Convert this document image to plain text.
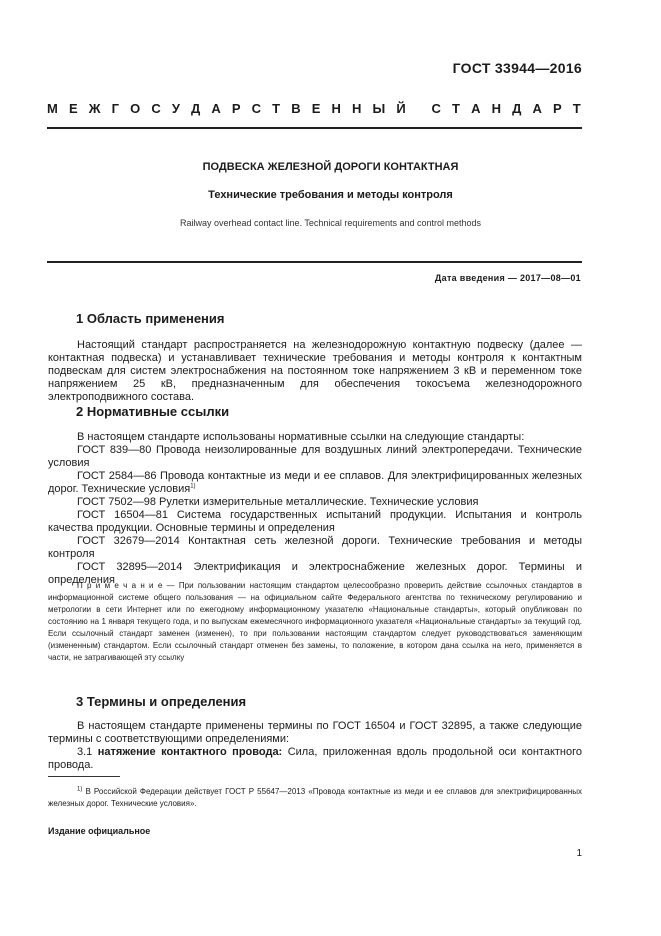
ГОСТ 33944—2016
М Е Ж Г О С У Д А Р С Т В Е Н Н Ы Й
С Т А Н Д А Р Т
ПОДВЕСКА ЖЕЛЕЗНОЙ ДОРОГИ КОНТАКТНАЯ
Технические требования и методы контроля
Railway overhead contact line. Technical requirements and control methods
Дата введения — 2017—08—01
1 Область применения

Настоящий стандарт распространяется на железнодорожную контактную подвеску (далее — контактная подвеска) и устанавливает технические требования и методы контроля к контактным подвескам для систем электроснабжения на постоянном токе напряжением 3 кВ и переменном токе напряжением 25 кВ, предназначенным для обеспечения токосъема железнодорожного электроподвижного состава.

2 Нормативные ссылки

В настоящем стандарте использованы нормативные ссылки на следующие стандарты:

ГОСТ 839—80 Провода неизолированные для воздушных линий электропередачи. Технические условия

ГОСТ 2584—86 Провода контактные из меди и ее сплавов. Для электрифицированных железных дорог. Технические условия$^{1)}$

ГОСТ 7502—98 Рулетки измерительные металлические. Технические условия

ГОСТ 16504—81 Система государственных испытаний продукции. Испытания и контроль качества продукции. Основные термины и определения

ГОСТ 32679—2014 Контактная сеть железной дороги. Технические требования и методы контроля

ГОСТ 32895—2014 Электрификация и электроснабжение железных дорог. Термины и определения

П р и м е ч а н и е — При пользовании настоящим стандартом целесообразно проверить действие ссылочных стандартов в информационной системе общего пользования — на официальном сайте Федерального агентства по техническому регулированию и метрологии в сети Интернет или по ежегодному информационному указателю «Национальные стандарты», который опубликован по состоянию на 1 января текущего года, и по выпускам ежемесячного информационного указателя «Национальные стандарты» за текущий год. Если ссылочный стандарт заменен (изменен), то при пользовании настоящим стандартом следует руководствоваться заменяющим (измененным) стандартом. Если ссылочный стандарт отменен без замены, то положение, в котором дана ссылка на него, применяется в части, не затрагивающей эту ссылку

3 Термины и определения

В настоящем стандарте применены термины по ГОСТ 16504 и ГОСТ 32895, а также следующие термины с соответствующими определениями:

3.1 натяжение контактного провода: Сила, приложенная вдоль продольной оси контактного провода.

$^{1)}$ В Российской Федерации действует ГОСТ Р 55647—2013 «Провода контактные из меди и ее сплавов для электрифицированных железных дорог. Технические условия».

Издание официальное
1
